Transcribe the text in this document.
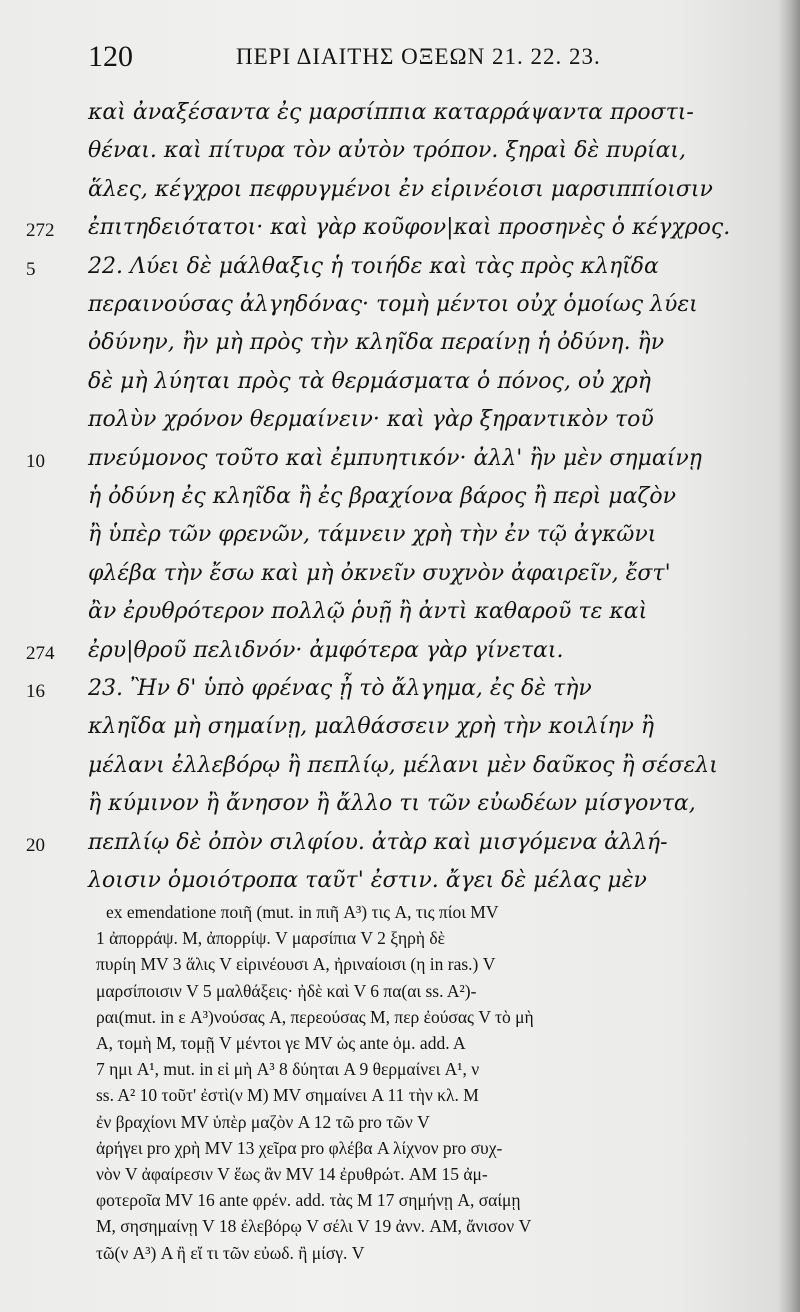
120	ΠΕΡΙ ΔΙΑΙΤΗΣ ΟΞΕΩΝ 21. 22. 23.
καὶ ἀναξέσαντα ἐς μαρσίππια καταρράψαντα προστι-
θέναι. καὶ πίτυρα τὸν αὐτὸν τρόπον. ξηραὶ δὲ πυρίαι,
ἅλες, κέγχροι πεφρυγμένοι ἐν εἰρινέοισι μαρσιππίοισιν
272	ἐπιτηδειότατοι· καὶ γὰρ κοῦφον|καὶ προσηνὲς ὁ κέγχρος.
5	22. Λύει δὲ μάλθαξις ἡ τοιήδε καὶ τὰς πρὸς κληῖδα
περαινούσας ἀλγηδόνας· τομὴ μέντοι οὐχ ὁμοίως λύει
ὀδύνην, ἢν μὴ πρὸς τὴν κληῖδα περαίνῃ ἡ ὀδύνη. ἢν
δὲ μὴ λύηται πρὸς τὰ θερμάσματα ὁ πόνος, οὐ χρὴ
πολὺν χρόνον θερμαίνειν· καὶ γὰρ ξηραντικὸν τοῦ
10	πνεύμονος τοῦτο καὶ ἐμπυητικόν· ἀλλ' ἢν μὲν σημαίνῃ
ἡ ὀδύνη ἐς κληῖδα ἢ ἐς βραχίονα βάρος ἢ περὶ μαζὸν
ἢ ὑπὲρ τῶν φρενῶν, τάμνειν χρὴ τὴν ἐν τῷ ἀγκῶνι
φλέβα τὴν ἔσω καὶ μὴ ὀκνεῖν συχνὸν ἀφαιρεῖν, ἔστ'
ἂν ἐρυθρότερον πολλῷ ῥυῇ ἢ ἀντὶ καθαροῦ τε καὶ
274	ἐρυ|θροῦ πελιδνόν· ἀμφότερα γὰρ γίνεται.
16	23. Ἢν δ' ὑπὸ φρένας ᾖ τὸ ἄλγημα, ἐς δὲ τὴν
κληῖδα μὴ σημαίνῃ, μαλθάσσειν χρὴ τὴν κοιλίην ἢ
μέλανι ἐλλεβόρῳ ἢ πεπλίῳ, μέλανι μὲν δαῦκος ἢ σέσελι
ἢ κύμινον ἢ ἄνησον ἢ ἄλλο τι τῶν εὐωδέων μίσγοντα,
20	πεπλίῳ δὲ ὀπὸν σιλφίου. ἀτὰρ καὶ μισγόμενα ἀλλή-
λοισιν ὁμοιότροπα ταῦτ' ἐστιν. ἄγει δὲ μέλας μὲν
ex emendatione ποιῆ (mut. in πιῆ A³) τις A, τις πίοι MV
1 ἀπορράψ. M, ἀπορρίψ. V μαρσίπια V 2 ξηρὴ δὲ
πυρίη MV 3 ἅλις V εἰρινέουσι A, ἠριναίοισι (η in ras.) V
μαρσίποισιν V 5 μαλθάξεις· ἠδὲ καὶ V 6 πα(αι ss. A²)-
ραι(mut. in ε A³)νούσας A, περεούσας M, περ ἐούσας V τὸ μὴ
A, τομὴ M, τομῇ V μέντοι γε MV ὡς ante ὁμ. add. A
7 ημι A¹, mut. in εἰ μὴ A³ 8 δύηται A 9 θερμαίνει A¹, ν
ss. A² 10 τοῦτ' ἐστὶ(ν M) MV σημαίνει A 11 τὴν κλ. M
ἐν βραχίονι MV ὑπὲρ μαζὸν A 12 τῶ pro τῶν V
ἀρήγει pro χρὴ MV 13 χεῖρα pro φλέβα A λίχνον pro συχ-
νὸν V ἀφαίρεσιν V ἕως ἂν MV 14 ἐρυθρώτ. AM 15 ἀμ-
φοτεροῖα MV 16 ante φρέν. add. τὰς M 17 σημήνῃ A, σαίμῃ
M, σησημαίνῃ V 18 ἐλεβόρῳ V σέλι V 19 ἀνν. AM, ἄνισον V
τῶ(ν A³) A ἢ εἴ τι τῶν εὐωδ. ἢ μίσγ. V
